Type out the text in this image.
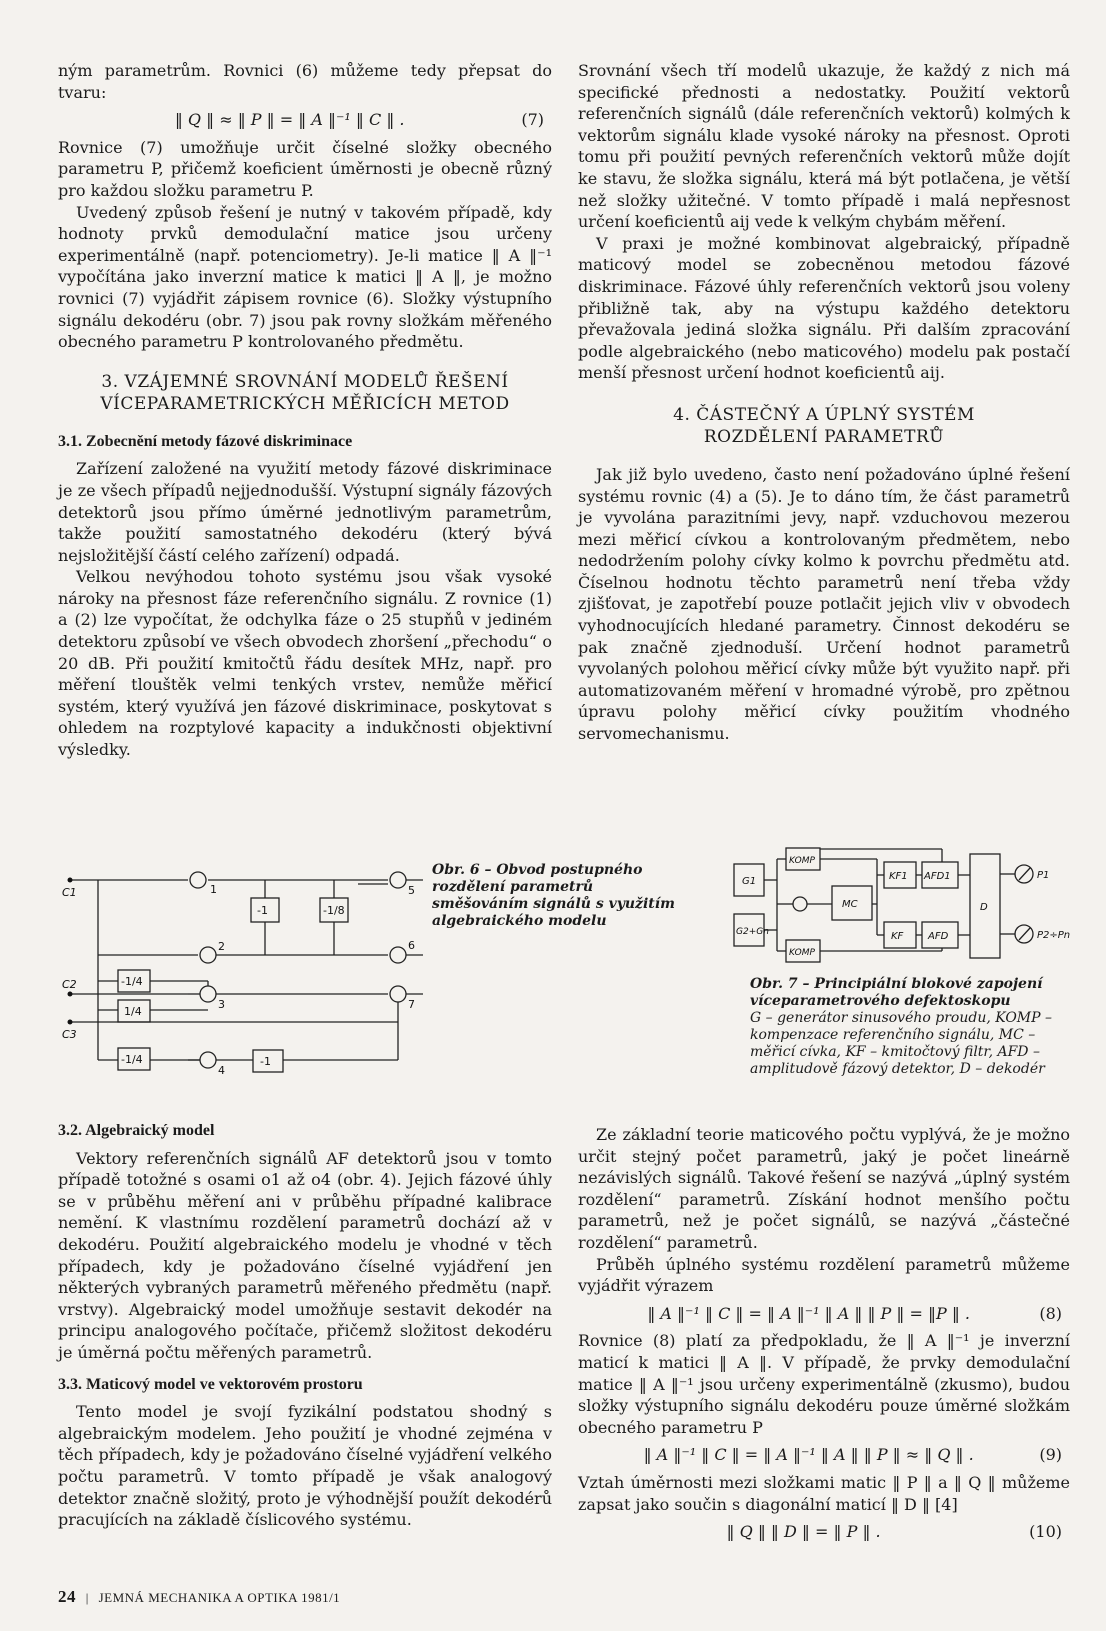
ným parametrům. Rovnici (6) můžeme tedy přepsat do tvaru:

‖ Q ‖ ≈ ‖ P ‖ = ‖ A ‖⁻¹ ‖ C ‖ .	(7)

Rovnice (7) umožňuje určit číselné složky obecného parametru P, přičemž koeficient úměrnosti je obecně různý pro každou složku parametru P.

Uvedený způsob řešení je nutný v takovém případě, kdy hodnoty prvků demodulační matice jsou určeny experimentálně (např. potenciometry). Je-li matice ‖ A ‖⁻¹ vypočítána jako inverzní matice k matici ‖ A ‖, je možno rovnici (7) vyjádřit zápisem rovnice (6). Složky výstupního signálu dekodéru (obr. 7) jsou pak rovny složkám měřeného obecného parametru P kontrolovaného předmětu.

3. VZÁJEMNÉ SROVNÁNÍ MODELŮ ŘEŠENÍ
VÍCEPARAMETRICKÝCH MĚŘICÍCH METOD
3.1. Zobecnění metody fázové diskriminace

Zařízení založené na využití metody fázové diskriminace je ze všech případů nejjednodušší. Výstupní signály fázových detektorů jsou přímo úměrné jednotlivým parametrům, takže použití samostatného dekodéru (který bývá nejsložitější částí celého zařízení) odpadá.

Velkou nevýhodou tohoto systému jsou však vysoké nároky na přesnost fáze referenčního signálu. Z rovnice (1) a (2) lze vypočítat, že odchylka fáze o 25 stupňů v jediném detektoru způsobí ve všech obvodech zhoršení „přechodu“ o 20 dB. Při použití kmitočtů řádu desítek MHz, např. pro měření tlouštěk velmi tenkých vrstev, nemůže měřicí systém, který využívá jen fázové diskriminace, poskytovat s ohledem na rozptylové kapacity a indukčnosti objektivní výsledky.

3.2. Algebraický model

Vektory referenčních signálů AF detektorů jsou v tomto případě totožné s osami o1 až o4 (obr. 4). Jejich fázové úhly se v průběhu měření ani v průběhu případné kalibrace nemění. K vlastnímu rozdělení parametrů dochází až v dekodéru. Použití algebraického modelu je vhodné v těch případech, kdy je požadováno číselné vyjádření jen některých vybraných parametrů měřeného předmětu (např. vrstvy). Algebraický model umožňuje sestavit dekodér na principu analogového počítače, přičemž složitost dekodéru je úměrná počtu měřených parametrů.

3.3. Maticový model ve vektorovém prostoru

Tento model je svojí fyzikální podstatou shodný s algebraickým modelem. Jeho použití je vhodné zejména v těch případech, kdy je požadováno číselné vyjádření velkého počtu parametrů. V tomto případě je však analogový detektor značně složitý, proto je výhodnější použít dekodérů pracujících na základě číslicového systému.

Srovnání všech tří modelů ukazuje, že každý z nich má specifické přednosti a nedostatky. Použití vektorů referenčních signálů (dále referenčních vektorů) kolmých k vektorům signálu klade vysoké nároky na přesnost. Oproti tomu při použití pevných referenčních vektorů může dojít ke stavu, že složka signálu, která má být potlačena, je větší než složky užitečné. V tomto případě i malá nepřesnost určení koeficientů aij vede k velkým chybám měření.

V praxi je možné kombinovat algebraický, případně maticový model se zobecněnou metodou fázové diskriminace. Fázové úhly referenčních vektorů jsou voleny přibližně tak, aby na výstupu každého detektoru převažovala jediná složka signálu. Při dalším zpracování podle algebraického (nebo maticového) modelu pak postačí menší přesnost určení hodnot koeficientů aij.

4. ČÁSTEČNÝ A ÚPLNÝ SYSTÉM
ROZDĚLENÍ PARAMETRŮ

Jak již bylo uvedeno, často není požadováno úplné řešení systému rovnic (4) a (5). Je to dáno tím, že část parametrů je vyvolána parazitními jevy, např. vzduchovou mezerou mezi měřicí cívkou a kontrolovaným předmětem, nebo nedodržením polohy cívky kolmo k povrchu předmětu atd. Číselnou hodnotu těchto parametrů není třeba vždy zjišťovat, je zapotřebí pouze potlačit jejich vliv v obvodech vyhodnocujících hledané parametry. Činnost dekodéru se pak značně zjednoduší. Určení hodnot parametrů vyvolaných polohou měřicí cívky může být využito např. při automatizovaném měření v hromadné výrobě, pro zpětnou úpravu polohy měřicí cívky použitím vhodného servomechanismu.

Ze základní teorie maticového počtu vyplývá, že je možno určit stejný počet parametrů, jaký je počet lineárně nezávislých signálů. Takové řešení se nazývá „úplný systém rozdělení“ parametrů. Získání hodnot menšího počtu parametrů, než je počet signálů, se nazývá „částečné rozdělení“ parametrů.

Průběh úplného systému rozdělení parametrů můžeme vyjádřit výrazem

‖ A ‖⁻¹ ‖ C ‖ = ‖ A ‖⁻¹ ‖ A ‖ ‖ P ‖ = ‖P ‖ .	(8)

Rovnice (8) platí za předpokladu, že ‖ A ‖⁻¹ je inverzní maticí k matici ‖ A ‖. V případě, že prvky demodulační matice ‖ A ‖⁻¹ jsou určeny experimentálně (zkusmo), budou složky výstupního signálu dekodéru pouze úměrné složkám obecného parametru P

‖ A ‖⁻¹ ‖ C ‖ = ‖ A ‖⁻¹ ‖ A ‖ ‖ P ‖ ≈ ‖ Q ‖ .	(9)

Vztah úměrnosti mezi složkami matic ‖ P ‖ a ‖ Q ‖ můžeme zapsat jako součin s diagonální maticí ‖ D ‖ [4]

‖ Q ‖ ‖ D ‖ = ‖ P ‖ .	(10)
C1
C2
C3
1
2
3
4
5
6
7
-1	-1/8
-1/4
1/4
-1/4	-1
Obr. 6 – Obvod postupného rozdělení parametrů směšováním signálů s využitím algebraického modelu
G1
G2+Gn
KOMP
KOMP
MC
KF1
KF
AFD1
AFD
D
P1
P2÷Pn
Obr. 7 – Principiální blokové zapojení víceparametrového defektoskopu
G – generátor sinusového proudu, KOMP – kompenzace referenčního signálu, MC – měřicí cívka, KF – kmitočtový filtr, AFD – amplitudově fázový detektor, D – dekodér
24 | JEMNÁ MECHANIKA A OPTIKA 1981/1
